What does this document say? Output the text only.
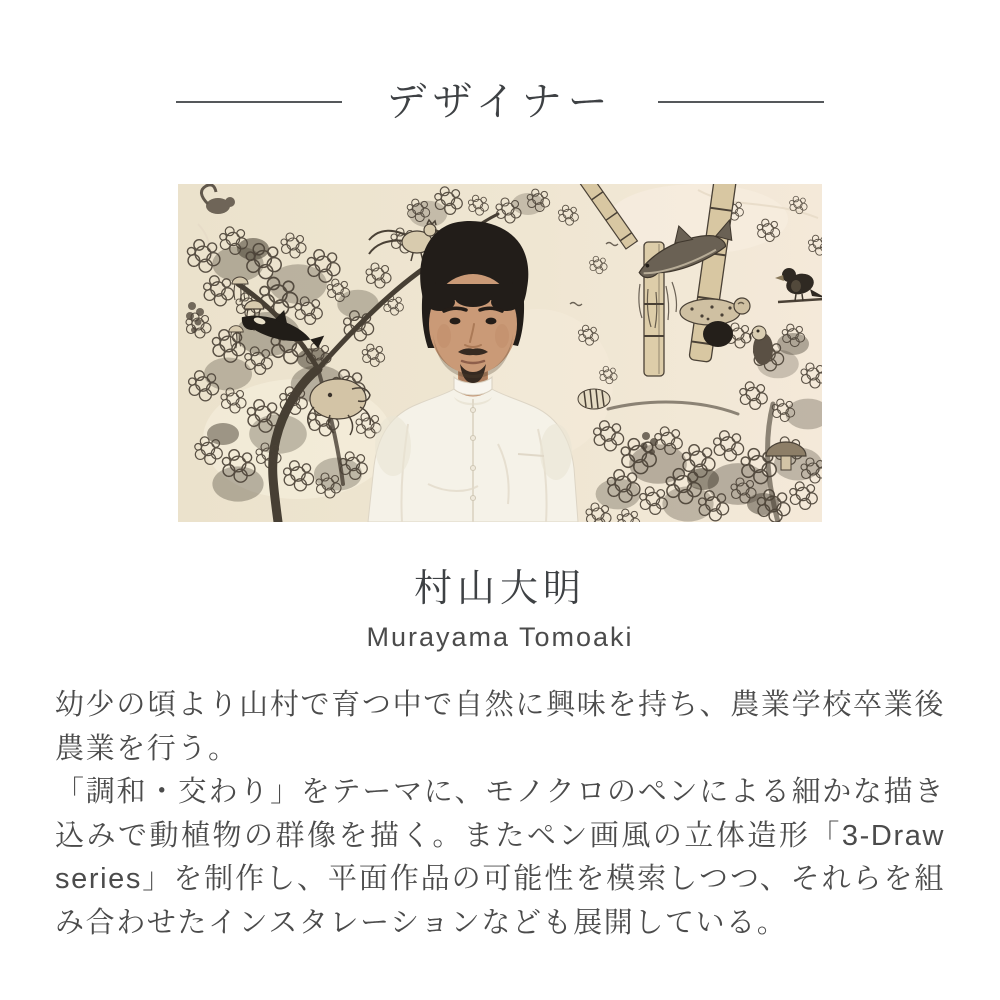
デザイナー
村山大明
Murayama Tomoaki

幼少の頃より山村で育つ中で自然に興味を持ち、農業学校卒業後農業を行う。

「調和・交わり」をテーマに、モノクロのペンによる細かな描き込みで動植物の群像を描く。またペン画風の立体造形「3-Draw series」を制作し、平面作品の可能性を模索しつつ、それらを組み合わせたインスタレーションなども展開している。
